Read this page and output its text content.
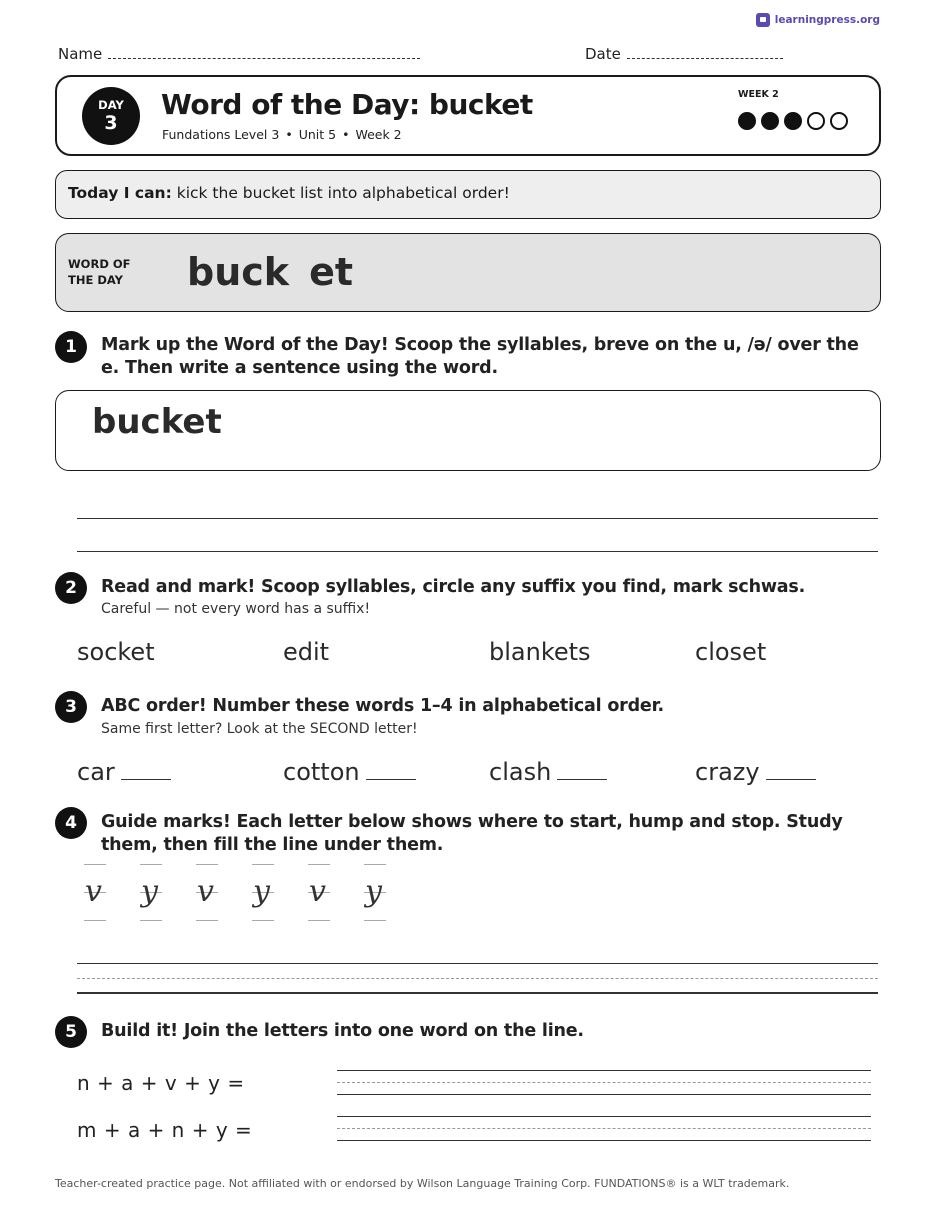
learningpress.org
Name	Date
DAY
3
Word of the Day: bucket
Fundations Level 3 • Unit 5 • Week 2
WEEK 2
Today I can: kick the bucket list into alphabetical order!
WORD OF
THE DAY	buck et
1	Mark up the Word of the Day! Scoop the syllables, breve on the u, /ə/ over the e. Then write a sentence using the word.
bucket
2	Read and mark! Scoop syllables, circle any suffix you find, mark schwas.
Careful — not every word has a suffix!
socket	edit	blankets	closet
3	ABC order! Number these words 1–4 in alphabetical order.
Same first letter? Look at the SECOND letter!
car	cotton	clash	crazy
4	Guide marks! Each letter below shows where to start, hump and stop. Study them, then fill the line under them.
v y v y v y
5	Build it! Join the letters into one word on the line.
n + a + v + y =
m + a + n + y =
Teacher-created practice page. Not affiliated with or endorsed by Wilson Language Training Corp. FUNDATIONS® is a WLT trademark.
